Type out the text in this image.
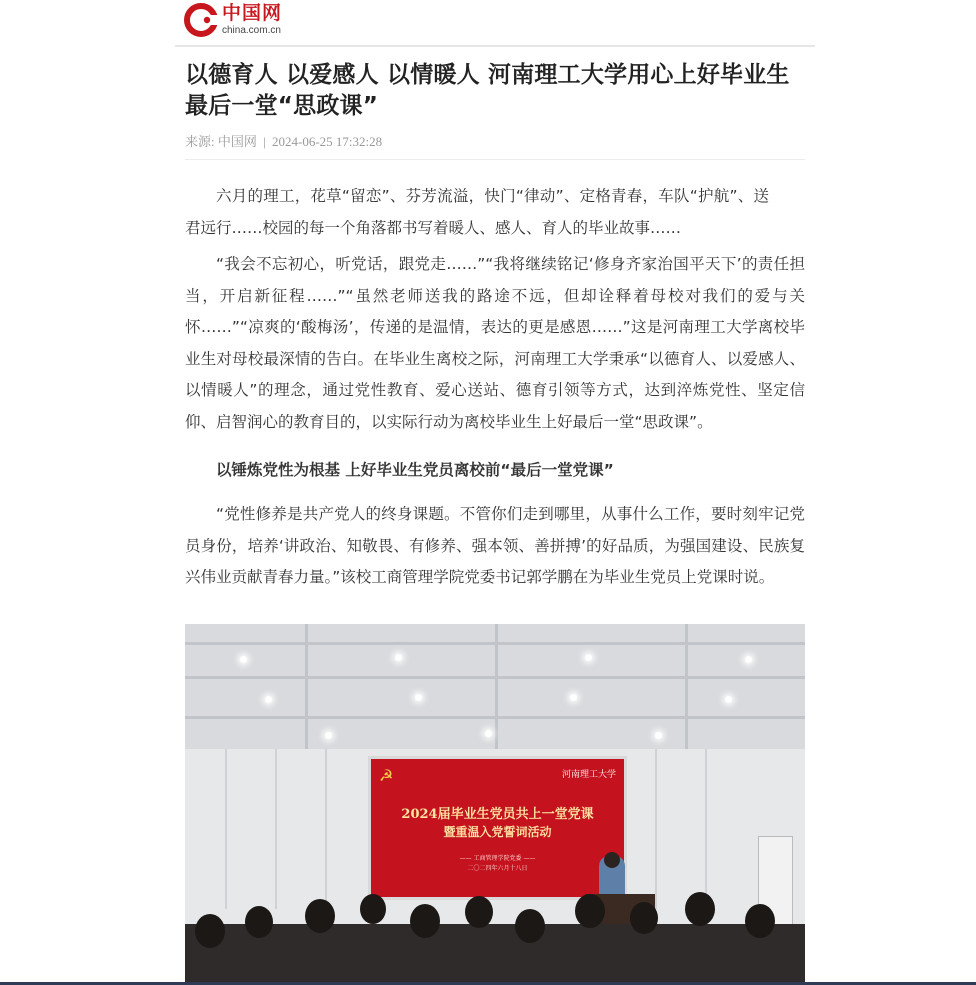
中国网
china.com.cn
以德育人 以爱感人 以情暖人 河南理工大学用心上好毕业生最后一堂“思政课”
来源: 中国网 | 2024-06-25 17:32:28

六月的理工，花草“留恋”、芬芳流溢，快门“律动”、定格青春，车队“护航”、送君远行……校园的每一个角落都书写着暖人、感人、育人的毕业故事……

“我会不忘初心，听党话，跟党走……”“我将继续铭记‘修身齐家治国平天下’的责任担当，开启新征程……”“虽然老师送我的路途不远，但却诠释着母校对我们的爱与关怀……”“凉爽的‘酸梅汤’，传递的是温情，表达的更是感恩……”这是河南理工大学离校毕业生对母校最深情的告白。在毕业生离校之际，河南理工大学秉承“以德育人、以爱感人、以情暖人”的理念，通过党性教育、爱心送站、德育引领等方式，达到淬炼党性、坚定信仰、启智润心的教育目的，以实际行动为离校毕业生上好最后一堂“思政课”。

以锤炼党性为根基 上好毕业生党员离校前“最后一堂党课”

“党性修养是共产党人的终身课题。不管你们走到哪里，从事什么工作，要时刻牢记党员身份，培养‘讲政治、知敬畏、有修养、强本领、善拼搏’的好品质，为强国建设、民族复兴伟业贡献青春力量。”该校工商管理学院党委书记郭学鹏在为毕业生党员上党课时说。

☭	河南理工大学
2024届毕业生党员共上一堂党课
暨重温入党誓词活动
—— 工商管理学院党委 ——
二〇二四年六月十八日
